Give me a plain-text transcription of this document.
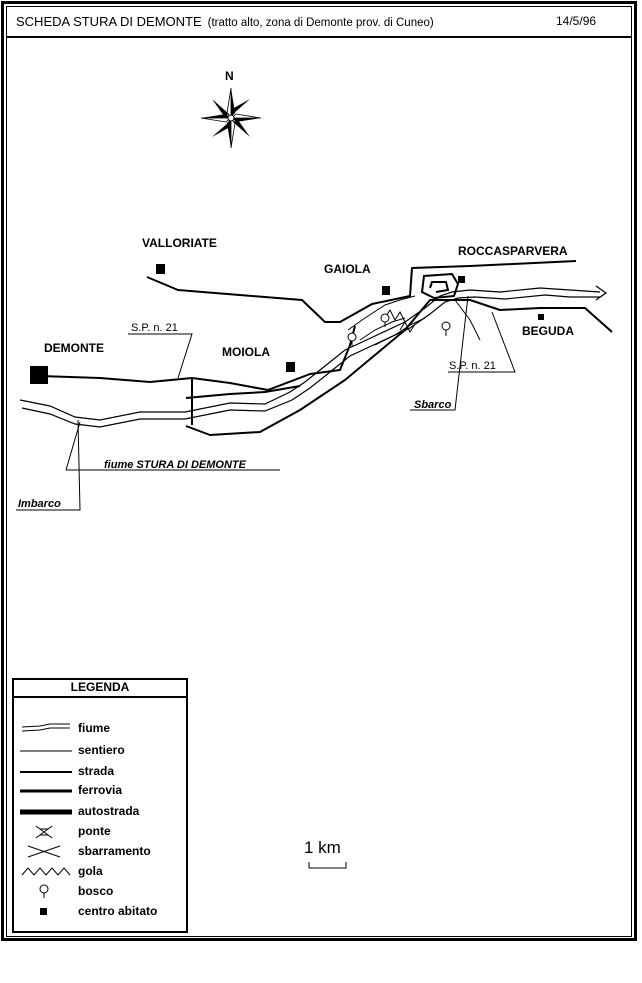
SCHEDA STURA DI DEMONTE (tratto alto, zona di Demonte prov. di Cuneo)	14/5/96
N
VALLORIATE
GAIOLA
ROCCASPARVERA
BEGUDA
DEMONTE	MOIOLA
S.P. n. 21
S.P. n. 21
Sbarco
fiume STURA DI DEMONTE
Imbarco
LEGENDA
fiume
sentiero
strada
ferrovia
autostrada
ponte
sbarramento
gola
bosco
centro abitato
1 km
